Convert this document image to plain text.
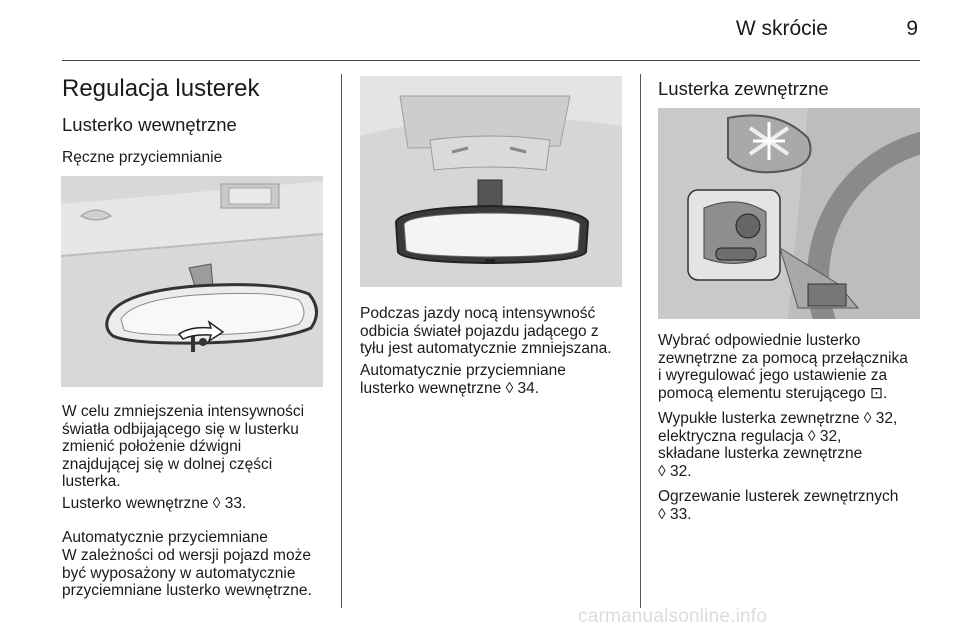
W skrócie	9
Regulacja lusterek
Lusterko wewnętrzne
Ręczne przyciemnianie
W celu zmniejszenia intensywności
światła odbijającego się w lusterku
zmienić położenie dźwigni
znajdującej się w dolnej części
lusterka.
Lusterko wewnętrzne ◊ 33.
Automatycznie przyciemniane
W zależności od wersji pojazd może
być wyposażony w automatycznie
przyciemniane lusterko wewnętrzne.
Podczas jazdy nocą intensywność
odbicia świateł pojazdu jadącego z
tyłu jest automatycznie zmniejszana.
Automatycznie przyciemniane
lusterko wewnętrzne ◊ 34.
Lusterka zewnętrzne
Wybrać odpowiednie lusterko
zewnętrzne za pomocą przełącznika
i wyregulować jego ustawienie za
pomocą elementu sterującego ⊡.
Wypukłe lusterka zewnętrzne ◊ 32,
elektryczna regulacja ◊ 32,
składane lusterka zewnętrzne
◊ 32.
Ogrzewanie lusterek zewnętrznych
◊ 33.
carmanualsonline.info
